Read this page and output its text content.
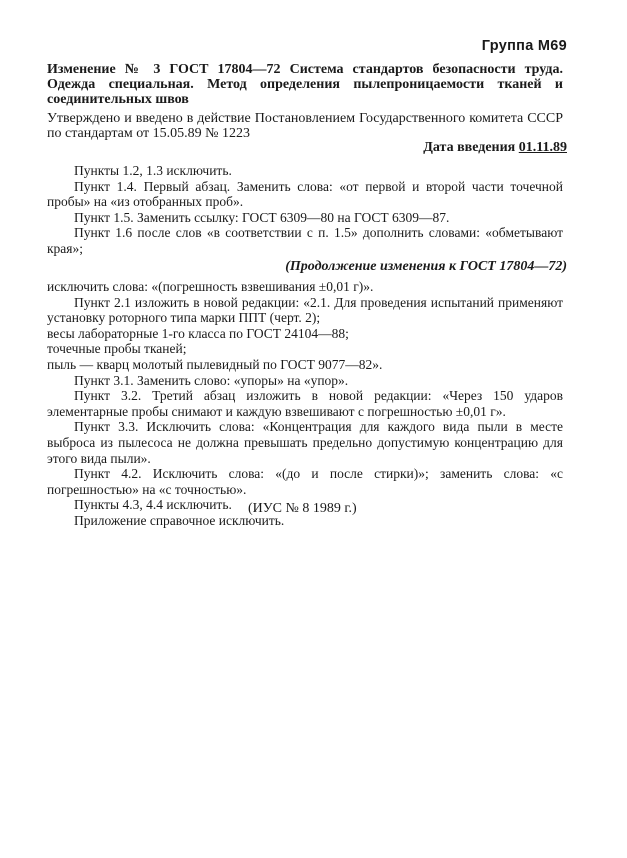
Группа М69
Изменение № 3 ГОСТ 17804—72 Система стандартов безопасности труда. Одежда специальная. Метод определения пылепроницаемости тканей и соединительных швов
Утверждено и введено в действие Постановлением Государственного комитета СССР по стандартам от 15.05.89 № 1223
Дата введения 01.11.89

Пункты 1.2, 1.3 исключить.

Пункт 1.4. Первый абзац. Заменить слова: «от первой и второй части точечной пробы» на «из отобранных проб».

Пункт 1.5. Заменить ссылку: ГОСТ 6309—80 на ГОСТ 6309—87.

Пункт 1.6 после слов «в соответствии с п. 1.5» дополнить словами: «обметывают края»;

(Продолжение изменения к ГОСТ 17804—72)

исключить слова: «(погрешность взвешивания ±0,01 г)».

Пункт 2.1 изложить в новой редакции: «2.1. Для проведения испытаний применяют установку роторного типа марки ППТ (черт. 2);

весы лабораторные 1-го класса по ГОСТ 24104—88;

точечные пробы тканей;

пыль — кварц молотый пылевидный по ГОСТ 9077—82».

Пункт 3.1. Заменить слово: «упоры» на «упор».

Пункт 3.2. Третий абзац изложить в новой редакции: «Через 150 ударов элементарные пробы снимают и каждую взвешивают с погрешностью ±0,01 г».

Пункт 3.3. Исключить слова: «Концентрация для каждого вида пыли в месте выброса из пылесоса не должна превышать предельно допустимую концентрацию для этого вида пыли».

Пункт 4.2. Исключить слова: «(до и после стирки)»; заменить слова: «с погрешностью» на «с точностью».

Пункты 4.3, 4.4 исключить.

Приложение справочное исключить.

(ИУС № 8 1989 г.)
